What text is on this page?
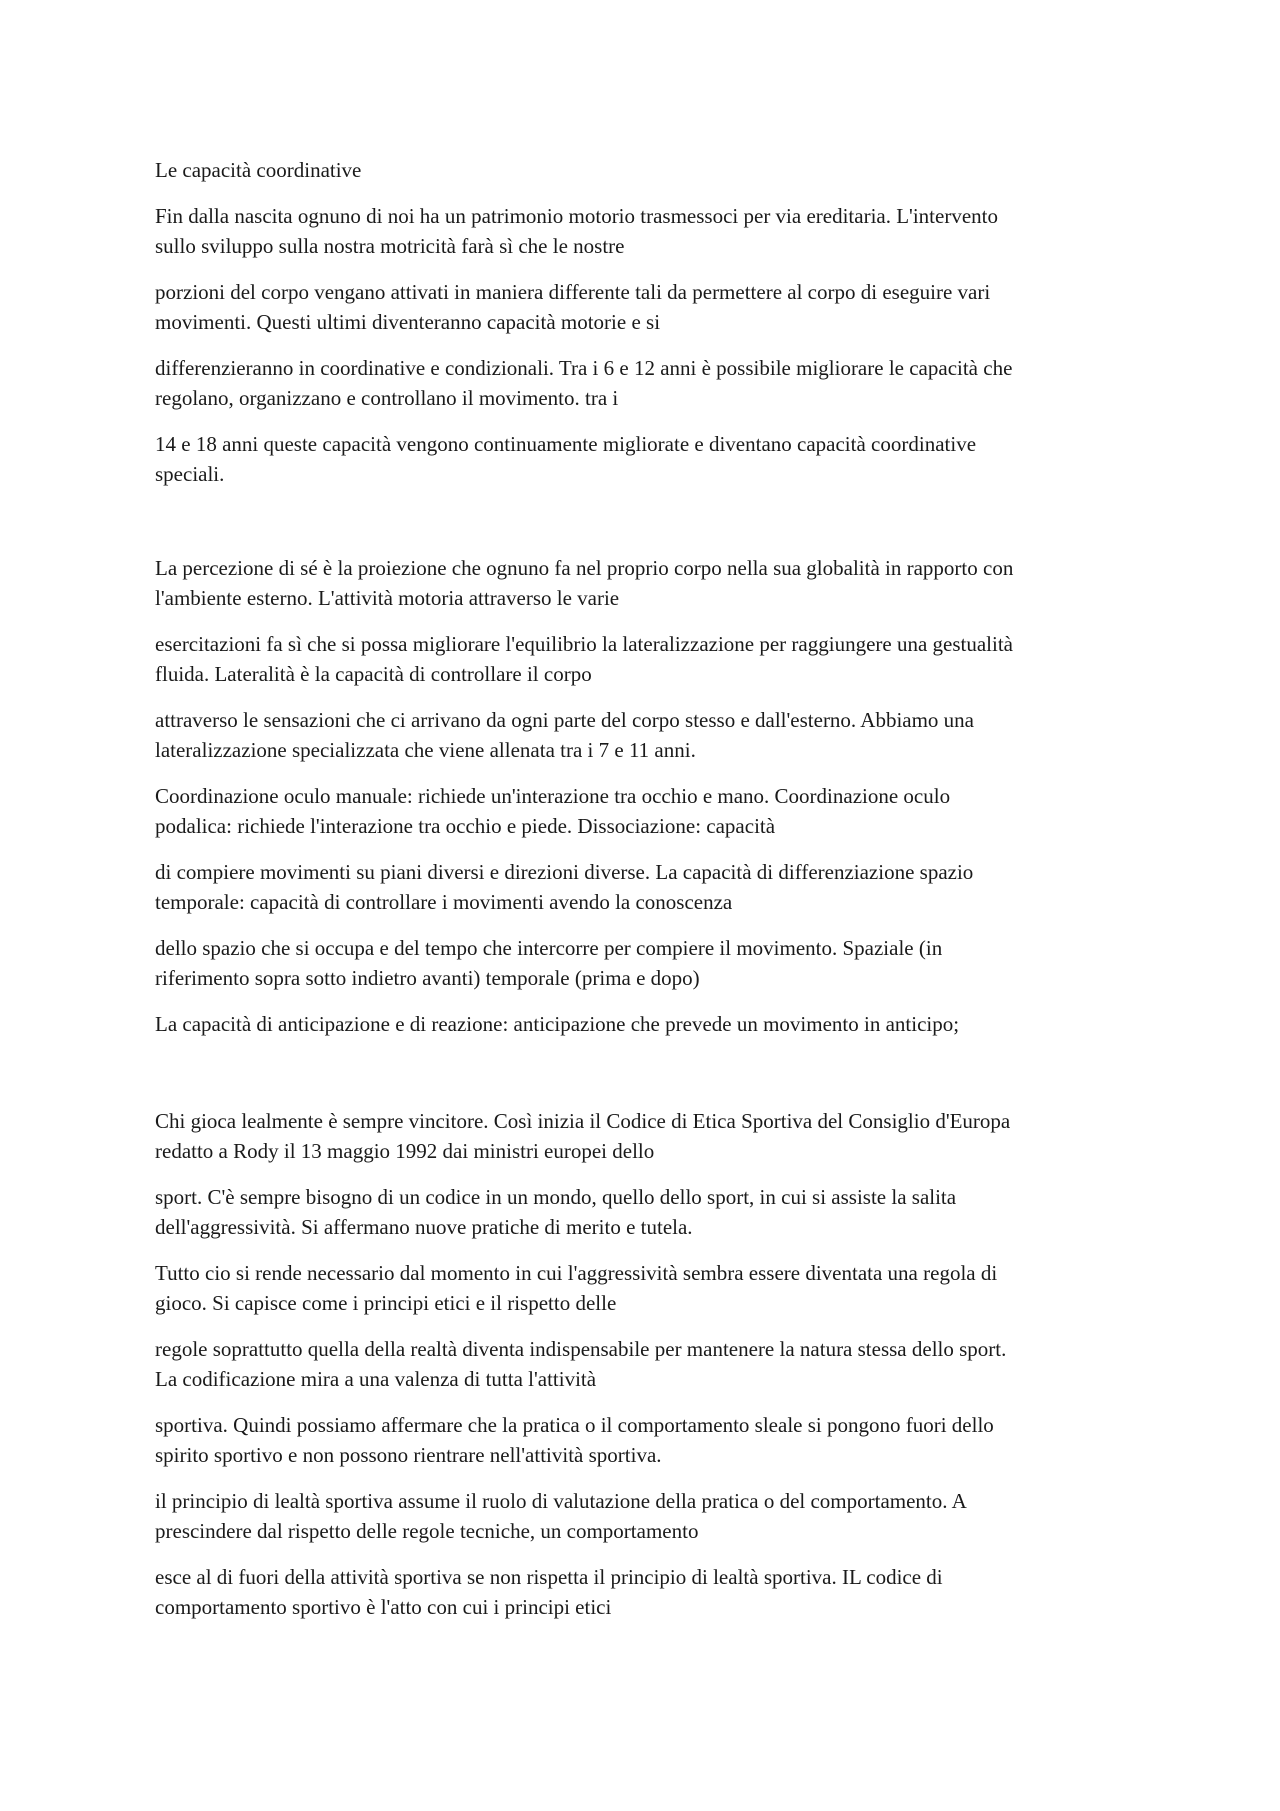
Le capacità coordinative

Fin dalla nascita ognuno di noi ha un patrimonio motorio trasmessoci per via ereditaria. L'intervento
sullo sviluppo sulla nostra motricità farà sì che le nostre

porzioni del corpo vengano attivati in maniera differente tali da permettere al corpo di eseguire vari
movimenti. Questi ultimi diventeranno capacità motorie e si

differenzieranno in coordinative e condizionali. Tra i 6 e 12 anni è possibile migliorare le capacità che
regolano, organizzano e controllano il movimento. tra i

14 e 18 anni queste capacità vengono continuamente migliorate e diventano capacità coordinative
speciali.

La percezione di sé è la proiezione che ognuno fa nel proprio corpo nella sua globalità in rapporto con
l'ambiente esterno. L'attività motoria attraverso le varie

esercitazioni fa sì che si possa migliorare l'equilibrio la lateralizzazione per raggiungere una gestualità
fluida. Lateralità è la capacità di controllare il corpo

attraverso le sensazioni che ci arrivano da ogni parte del corpo stesso e dall'esterno. Abbiamo una
lateralizzazione specializzata che viene allenata tra i 7 e 11 anni.

Coordinazione oculo manuale: richiede un'interazione tra occhio e mano. Coordinazione oculo
podalica: richiede l'interazione tra occhio e piede. Dissociazione: capacità

di compiere movimenti su piani diversi e direzioni diverse. La capacità di differenziazione spazio
temporale: capacità di controllare i movimenti avendo la conoscenza

dello spazio che si occupa e del tempo che intercorre per compiere il movimento. Spaziale (in
riferimento sopra sotto indietro avanti) temporale (prima e dopo)

La capacità di anticipazione e di reazione: anticipazione che prevede un movimento in anticipo;

Chi gioca lealmente è sempre vincitore. Così inizia il Codice di Etica Sportiva del Consiglio d'Europa
redatto a Rody il 13 maggio 1992 dai ministri europei dello

sport. C'è sempre bisogno di un codice in un mondo, quello dello sport, in cui si assiste la salita
dell'aggressività. Si affermano nuove pratiche di merito e tutela.

Tutto cio si rende necessario dal momento in cui l'aggressività sembra essere diventata una regola di
gioco. Si capisce come i principi etici e il rispetto delle

regole soprattutto quella della realtà diventa indispensabile per mantenere la natura stessa dello sport.
La codificazione mira a una valenza di tutta l'attività

sportiva. Quindi possiamo affermare che la pratica o il comportamento sleale si pongono fuori dello
spirito sportivo e non possono rientrare nell'attività sportiva.

il principio di lealtà sportiva assume il ruolo di valutazione della pratica o del comportamento. A
prescindere dal rispetto delle regole tecniche, un comportamento

esce al di fuori della attività sportiva se non rispetta il principio di lealtà sportiva. IL codice di
comportamento sportivo è l'atto con cui i principi etici
